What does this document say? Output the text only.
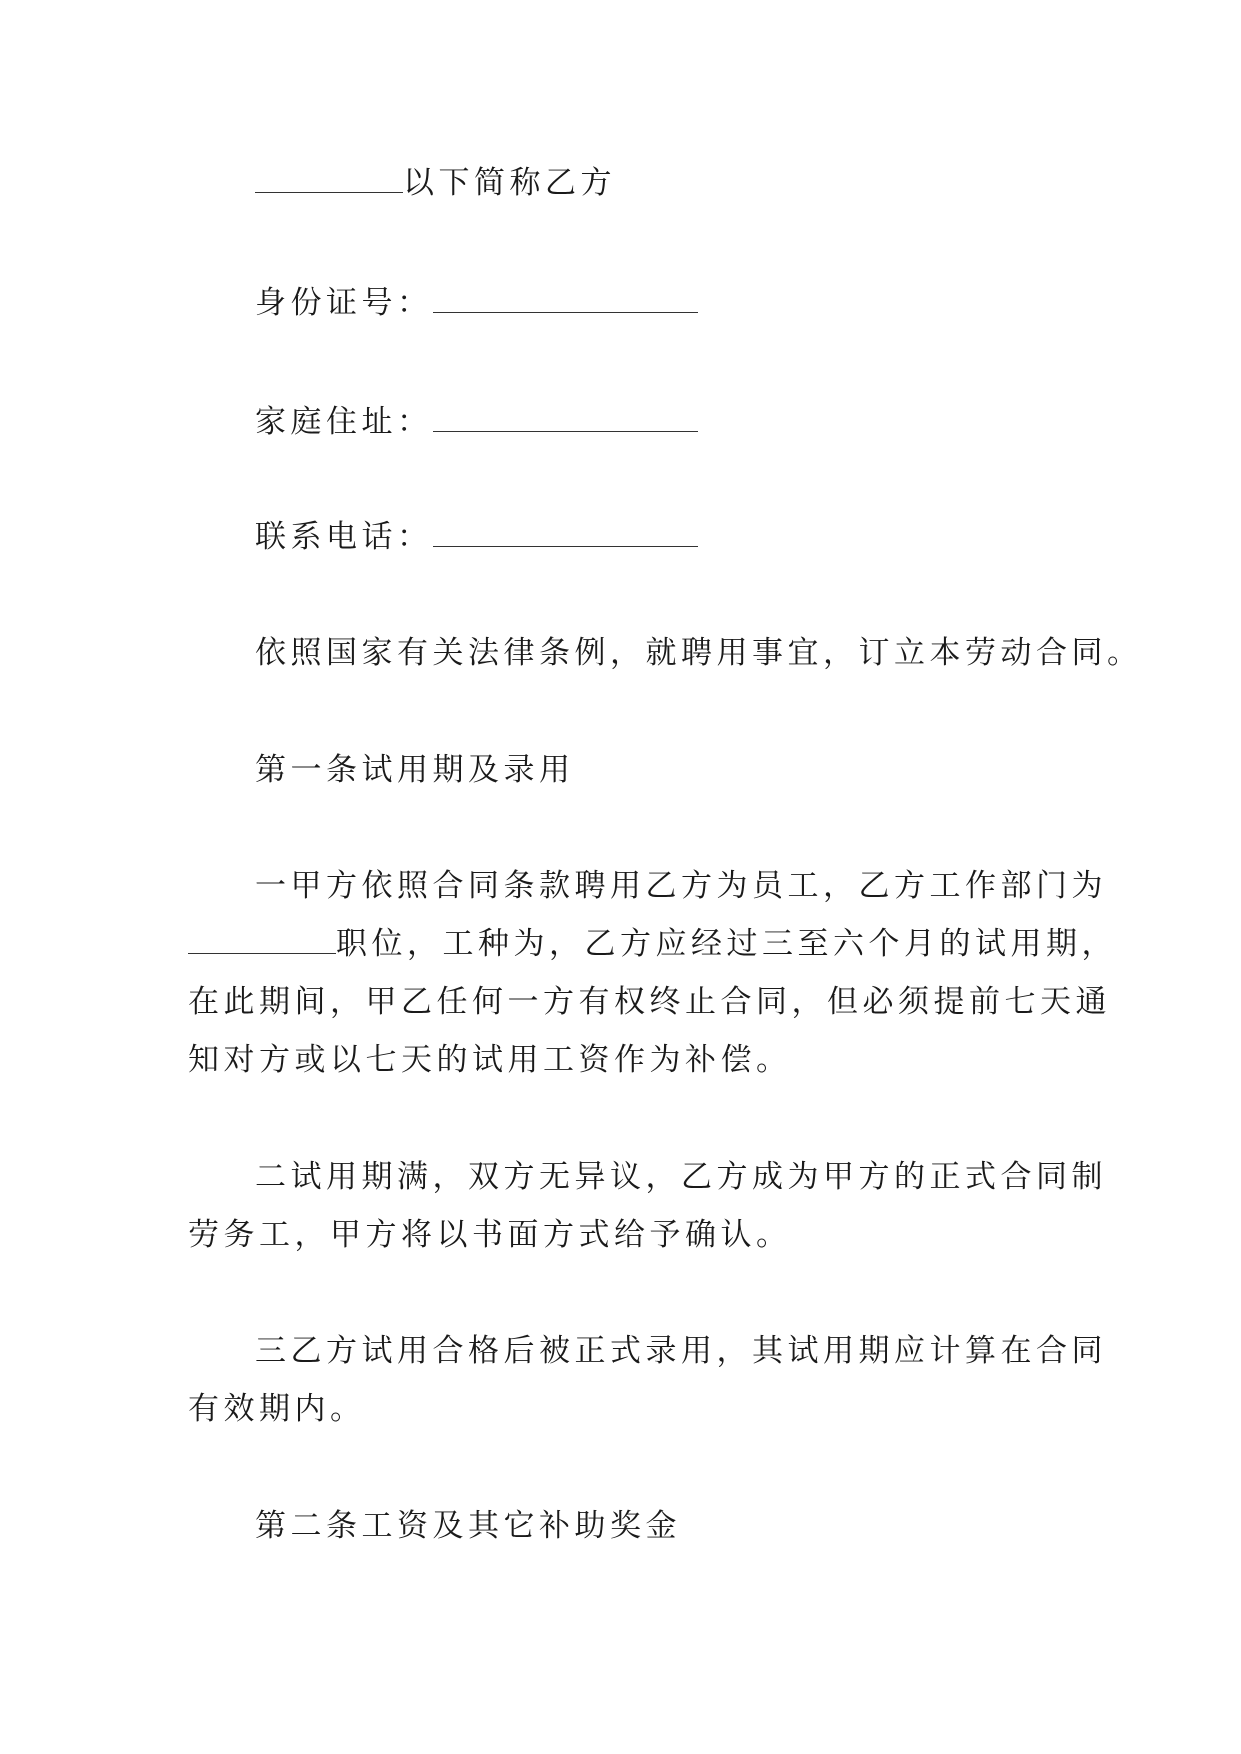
以下简称乙方
身份证号：
家庭住址：
联系电话：
依照国家有关法律条例，就聘用事宜，订立本劳动合同。
第一条试用期及录用
一甲方依照合同条款聘用乙方为员工，乙方工作部门为
职位，工种为，乙方应经过三至六个月的试用期，
在此期间，甲乙任何一方有权终止合同，但必须提前七天通
知对方或以七天的试用工资作为补偿。
二试用期满，双方无异议，乙方成为甲方的正式合同制
劳务工，甲方将以书面方式给予确认。
三乙方试用合格后被正式录用，其试用期应计算在合同
有效期内。
第二条工资及其它补助奖金
